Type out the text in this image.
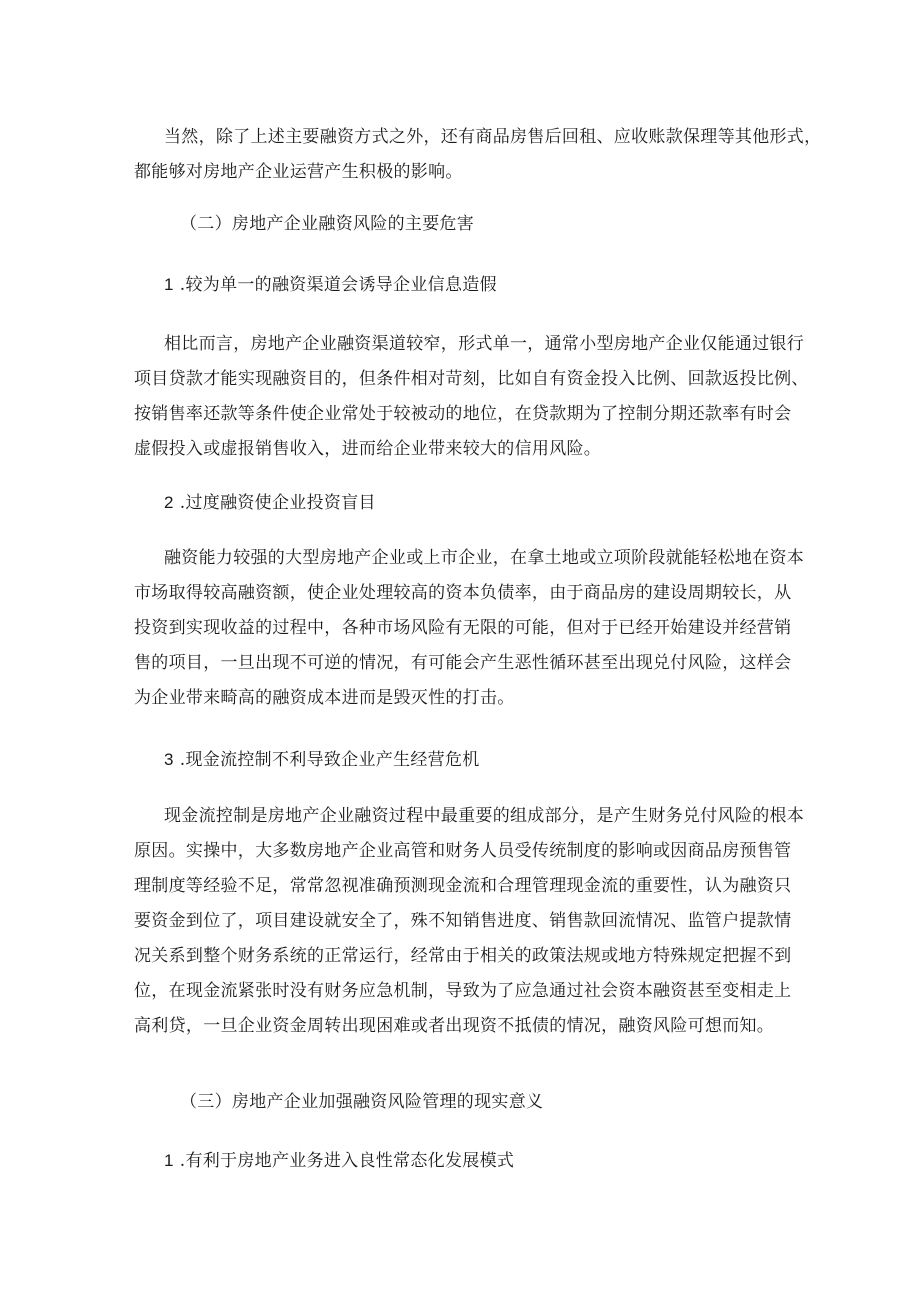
当然，除了上述主要融资方式之外，还有商品房售后回租、应收账款保理等其他形式，
都能够对房地产企业运营产生积极的影响。
（二）房地产企业融资风险的主要危害
1 .较为单一的融资渠道会诱导企业信息造假
相比而言，房地产企业融资渠道较窄，形式单一，通常小型房地产企业仅能通过银行
项目贷款才能实现融资目的，但条件相对苛刻，比如自有资金投入比例、回款返投比例、
按销售率还款等条件使企业常处于较被动的地位，在贷款期为了控制分期还款率有时会
虚假投入或虚报销售收入，进而给企业带来较大的信用风险。
2 .过度融资使企业投资盲目
融资能力较强的大型房地产企业或上市企业，在拿土地或立项阶段就能轻松地在资本
市场取得较高融资额，使企业处理较高的资本负债率，由于商品房的建设周期较长，从
投资到实现收益的过程中，各种市场风险有无限的可能，但对于已经开始建设并经营销
售的项目，一旦出现不可逆的情况，有可能会产生恶性循环甚至出现兑付风险，这样会
为企业带来畸高的融资成本进而是毁灭性的打击。
3 .现金流控制不利导致企业产生经营危机
现金流控制是房地产企业融资过程中最重要的组成部分，是产生财务兑付风险的根本
原因。实操中，大多数房地产企业高管和财务人员受传统制度的影响或因商品房预售管
理制度等经验不足，常常忽视准确预测现金流和合理管理现金流的重要性，认为融资只
要资金到位了，项目建设就安全了，殊不知销售进度、销售款回流情况、监管户提款情
况关系到整个财务系统的正常运行，经常由于相关的政策法规或地方特殊规定把握不到
位，在现金流紧张时没有财务应急机制，导致为了应急通过社会资本融资甚至变相走上
高利贷，一旦企业资金周转出现困难或者出现资不抵债的情况，融资风险可想而知。
（三）房地产企业加强融资风险管理的现实意义
1 .有利于房地产业务进入良性常态化发展模式
